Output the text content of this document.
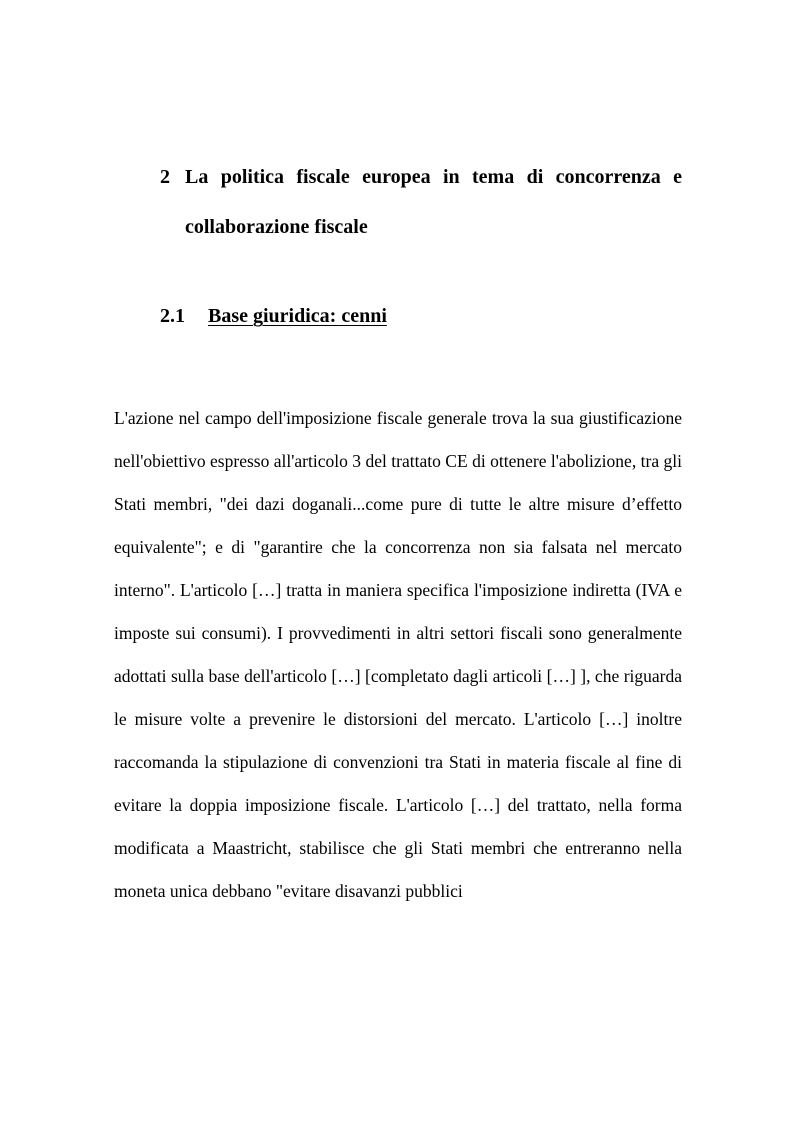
2 La politica fiscale europea in tema di concorrenza e collaborazione fiscale
2.1 Base giuridica: cenni

L'azione nel campo dell'imposizione fiscale generale trova la sua giustificazione nell'obiettivo espresso all'articolo 3 del trattato CE di ottenere l'abolizione, tra gli Stati membri, "dei dazi doganali...come pure di tutte le altre misure d’effetto equivalente"; e di "garantire che la concorrenza non sia falsata nel mercato interno". L'articolo […] tratta in maniera specifica l'imposizione indiretta (IVA e imposte sui consumi). I provvedimenti in altri settori fiscali sono generalmente adottati sulla base dell'articolo […] [completato dagli articoli […] ], che riguarda le misure volte a prevenire le distorsioni del mercato. L'articolo […] inoltre raccomanda la stipulazione di convenzioni tra Stati in materia fiscale al fine di evitare la doppia imposizione fiscale. L'articolo […] del trattato, nella forma modificata a Maastricht, stabilisce che gli Stati membri che entreranno nella moneta unica debbano "evitare disavanzi pubblici
